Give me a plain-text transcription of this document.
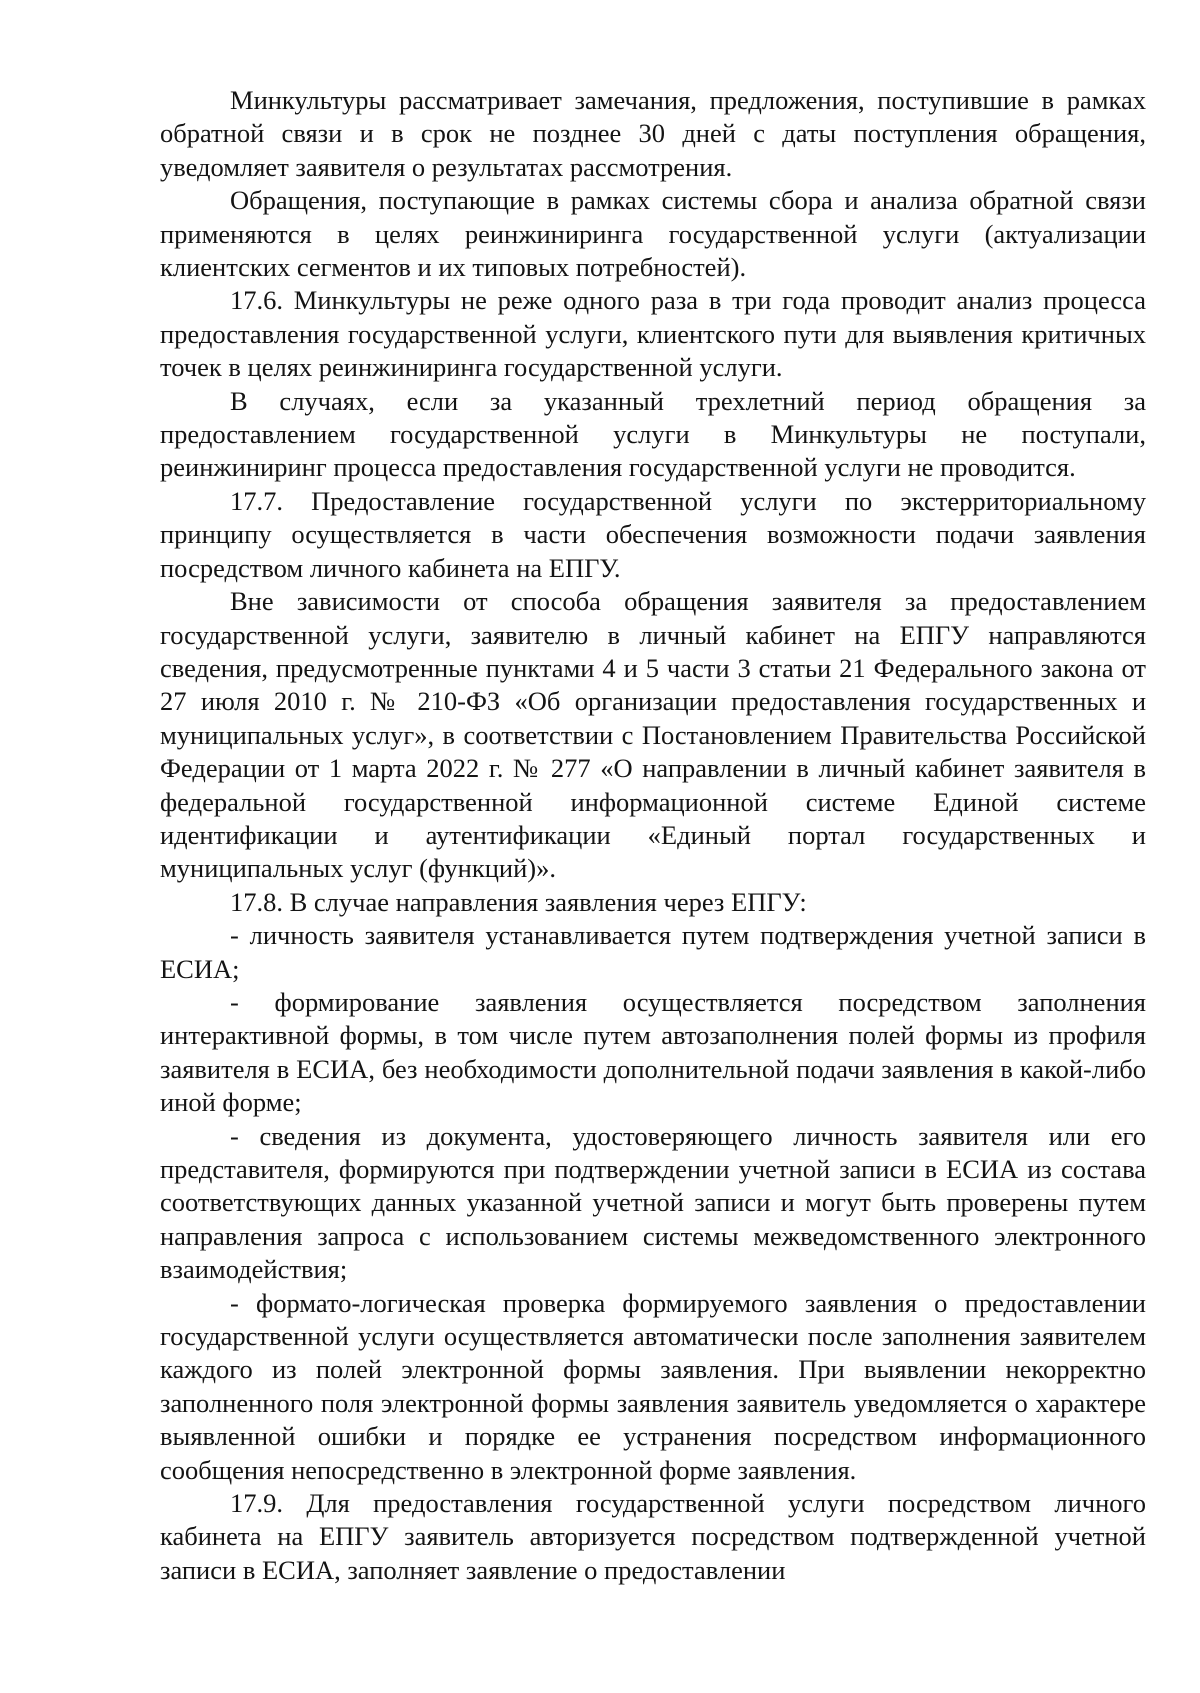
Минкультуры рассматривает замечания, предложения, поступившие в рамках обратной связи и в срок не позднее 30 дней с даты поступления обращения, уведомляет заявителя о результатах рассмотрения.

Обращения, поступающие в рамках системы сбора и анализа обратной связи применяются в целях реинжиниринга государственной услуги (актуализации клиентских сегментов и их типовых потребностей).

17.6. Минкультуры не реже одного раза в три года проводит анализ процесса предоставления государственной услуги, клиентского пути для выявления критичных точек в целях реинжиниринга государственной услуги.

В случаях, если за указанный трехлетний период обращения за предоставлением государственной услуги в Минкультуры не поступали, реинжиниринг процесса предоставления государственной услуги не проводится.

17.7. Предоставление государственной услуги по экстерриториальному принципу осуществляется в части обеспечения возможности подачи заявления посредством личного кабинета на ЕПГУ.

Вне зависимости от способа обращения заявителя за предоставлением государственной услуги, заявителю в личный кабинет на ЕПГУ направляются сведения, предусмотренные пунктами 4 и 5 части 3 статьи 21 Федерального закона от 27 июля 2010 г. № 210-ФЗ «Об организации предоставления государственных и муниципальных услуг», в соответствии с Постановлением Правительства Российской Федерации от 1 марта 2022 г. № 277 «О направлении в личный кабинет заявителя в федеральной государственной информационной системе Единой системе идентификации и аутентификации «Единый портал государственных и муниципальных услуг (функций)».

17.8. В случае направления заявления через ЕПГУ:

- личность заявителя устанавливается путем подтверждения учетной записи в ЕСИА;

- формирование заявления осуществляется посредством заполнения интерактивной формы, в том числе путем автозаполнения полей формы из профиля заявителя в ЕСИА, без необходимости дополнительной подачи заявления в какой-либо иной форме;

- сведения из документа, удостоверяющего личность заявителя или его представителя, формируются при подтверждении учетной записи в ЕСИА из состава соответствующих данных указанной учетной записи и могут быть проверены путем направления запроса с использованием системы межведомственного электронного взаимодействия;

- формато-логическая проверка формируемого заявления о предоставлении государственной услуги осуществляется автоматически после заполнения заявителем каждого из полей электронной формы заявления. При выявлении некорректно заполненного поля электронной формы заявления заявитель уведомляется о характере выявленной ошибки и порядке ее устранения посредством информационного сообщения непосредственно в электронной форме заявления.

17.9. Для предоставления государственной услуги посредством личного кабинета на ЕПГУ заявитель авторизуется посредством подтвержденной учетной записи в ЕСИА, заполняет заявление о предоставлении
